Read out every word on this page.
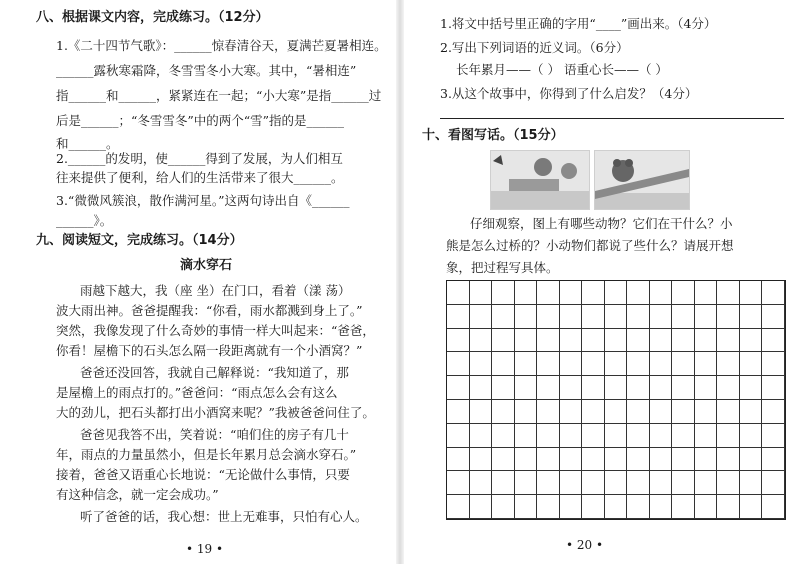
八、根据课文内容，完成练习。（12分）
1.《二十四节气歌》：______惊春清谷天，夏满芒夏暑相连。
______露秋寒霜降，冬雪雪冬小大寒。其中，“暑相连”
指______和______，紧紧连在一起；“小大寒”是指______过
后是______；“冬雪雪冬”中的两个“雪”指的是______
和______。
2.______的发明，使______得到了发展，为人们相互
往来提供了便利，给人们的生活带来了很大______。
3.“微微风簇浪，散作满河星。”这两句诗出自《______
______》。
九、阅读短文，完成练习。（14分）
滴水穿石
雨越下越大，我（座 坐）在门口，看着（漾 荡）
波大雨出神。爸爸提醒我：“你看，雨水都溅到身上了。”
突然，我像发现了什么奇妙的事情一样大叫起来：“爸爸，
你看！屋檐下的石头怎么隔一段距离就有一个小酒窝？”
爸爸还没回答，我就自己解释说：“我知道了，那
是屋檐上的雨点打的。”爸爸问：“雨点怎么会有这么
大的劲儿，把石头都打出小酒窝来呢？”我被爸爸问住了。
爸爸见我答不出，笑着说：“咱们住的房子有几十
年，雨点的力量虽然小，但是长年累月总会滴水穿石。”
接着，爸爸又语重心长地说：“无论做什么事情，只要
有这种信念，就一定会成功。”
听了爸爸的话，我心想：世上无难事，只怕有心人。
• 19 •
1.将文中括号里正确的字用“____”画出来。（4分）
2.写出下列词语的近义词。（6分）
长年累月——（ ） 语重心长——（ ）
3.从这个故事中，你得到了什么启发？（4分）
十、看图写话。（15分）
仔细观察，图上有哪些动物？它们在干什么？小
熊是怎么过桥的？小动物们都说了些什么？请展开想
象，把过程写具体。
• 20 •
